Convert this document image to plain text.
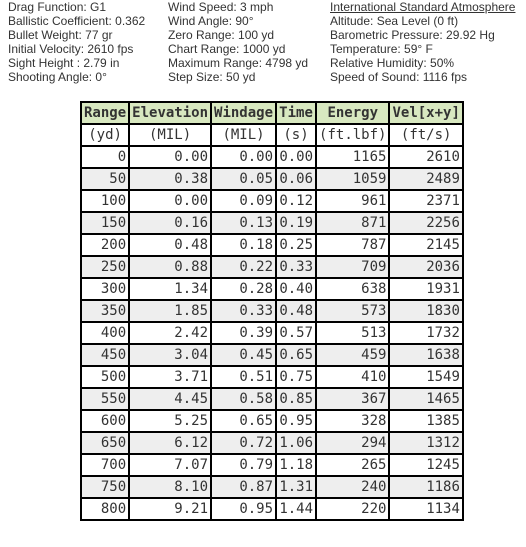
Drag Function: G1
Ballistic Coefficient: 0.362
Bullet Weight: 77 gr
Initial Velocity: 2610 fps
Sight Height : 2.79 in
Shooting Angle: 0°
Wind Speed: 3 mph
Wind Angle: 90°
Zero Range: 100 yd
Chart Range: 1000 yd
Maximum Range: 4798 yd
Step Size: 50 yd
International Standard Atmosphere
Altitude: Sea Level (0 ft)
Barometric Pressure: 29.92 Hg
Temperature: 59° F
Relative Humidity: 50%
Speed of Sound: 1116 fps
Range	Elevation	Windage	Time	Energy	Vel[x+y]
(yd)	(MIL)	(MIL)	(s)	(ft.lbf)	(ft/s)
0	0.00	0.00	0.00	1165	2610
50	0.38	0.05	0.06	1059	2489
100	0.00	0.09	0.12	961	2371
150	0.16	0.13	0.19	871	2256
200	0.48	0.18	0.25	787	2145
250	0.88	0.22	0.33	709	2036
300	1.34	0.28	0.40	638	1931
350	1.85	0.33	0.48	573	1830
400	2.42	0.39	0.57	513	1732
450	3.04	0.45	0.65	459	1638
500	3.71	0.51	0.75	410	1549
550	4.45	0.58	0.85	367	1465
600	5.25	0.65	0.95	328	1385
650	6.12	0.72	1.06	294	1312
700	7.07	0.79	1.18	265	1245
750	8.10	0.87	1.31	240	1186
800	9.21	0.95	1.44	220	1134
